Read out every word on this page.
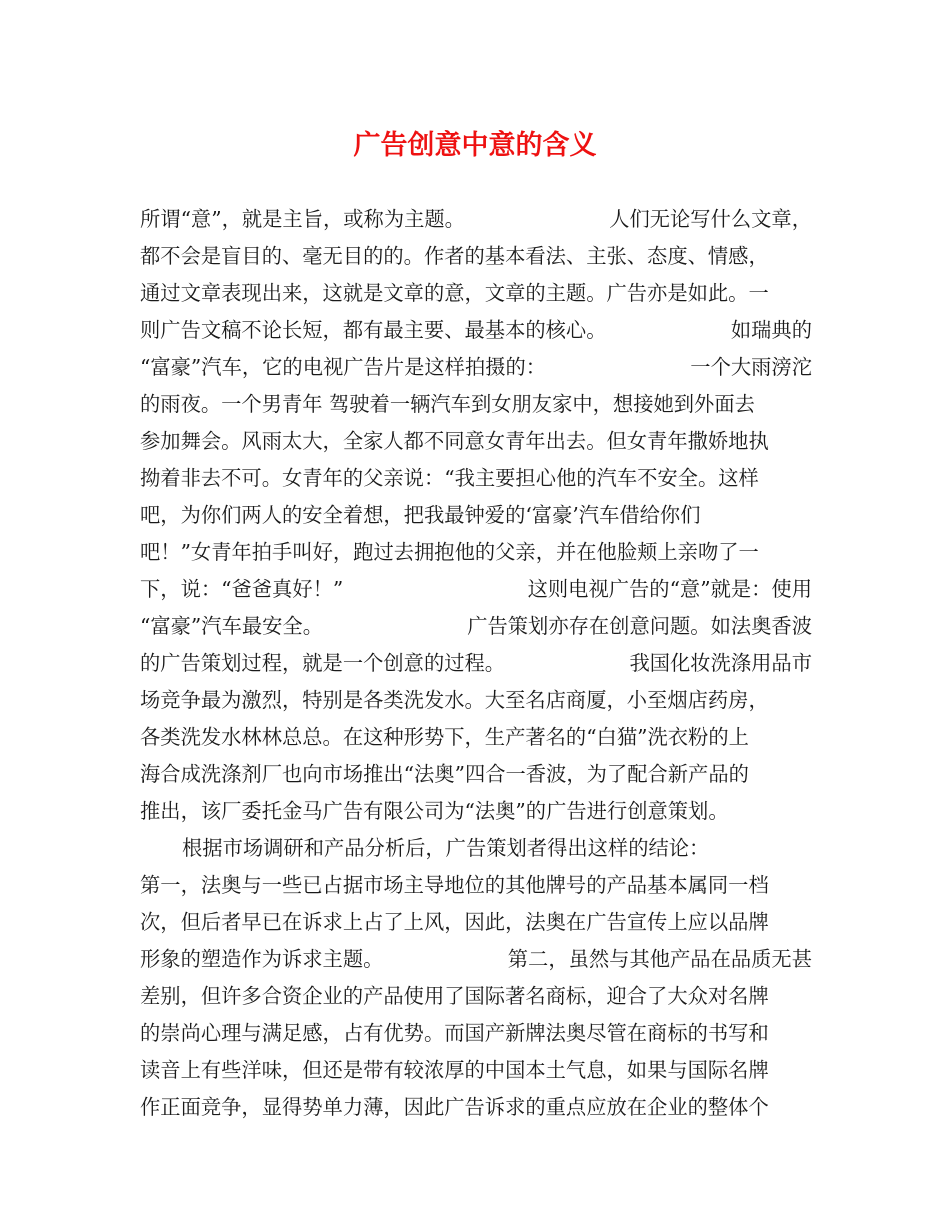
广告创意中意的含义
所谓“意”，就是主旨，或称为主题。	人们无论写什么文章，
都不会是盲目的、毫无目的的。作者的基本看法、主张、态度、情感，
通过文章表现出来，这就是文章的意，文章的主题。广告亦是如此。一
则广告文稿不论长短，都有最主要、最基本的核心。	如瑞典的
“富豪”汽车，它的电视广告片是这样拍摄的：	一个大雨滂沱
的雨夜。一个男青年 驾驶着一辆汽车到女朋友家中，想接她到外面去
参加舞会。风雨太大，全家人都不同意女青年出去。但女青年撒娇地执
拗着非去不可。女青年的父亲说：“我主要担心他的汽车不安全。这样
吧，为你们两人的安全着想，把我最钟爱的‘富豪’汽车借给你们
吧！”女青年拍手叫好，跑过去拥抱他的父亲，并在他脸颊上亲吻了一
下，说：“爸爸真好！”	这则电视广告的“意”就是：使用
“富豪”汽车最安全。	广告策划亦存在创意问题。如法奥香波
的广告策划过程，就是一个创意的过程。	我国化妆洗涤用品市
场竞争最为激烈，特别是各类洗发水。大至名店商厦，小至烟店药房，
各类洗发水林林总总。在这种形势下，生产著名的“白猫”洗衣粉的上
海合成洗涤剂厂也向市场推出“法奥”四合一香波，为了配合新产品的
推出，该厂委托金马广告有限公司为“法奥”的广告进行创意策划。
根据市场调研和产品分析后，广告策划者得出这样的结论：
第一，法奥与一些已占据市场主导地位的其他牌号的产品基本属同一档
次，但后者早已在诉求上占了上风，因此，法奥在广告宣传上应以品牌
形象的塑造作为诉求主题。	第二，虽然与其他产品在品质无甚
差别，但许多合资企业的产品使用了国际著名商标，迎合了大众对名牌
的崇尚心理与满足感，占有优势。而国产新牌法奥尽管在商标的书写和
读音上有些洋味，但还是带有较浓厚的中国本土气息，如果与国际名牌
作正面竞争，显得势单力薄，因此广告诉求的重点应放在企业的整体个
